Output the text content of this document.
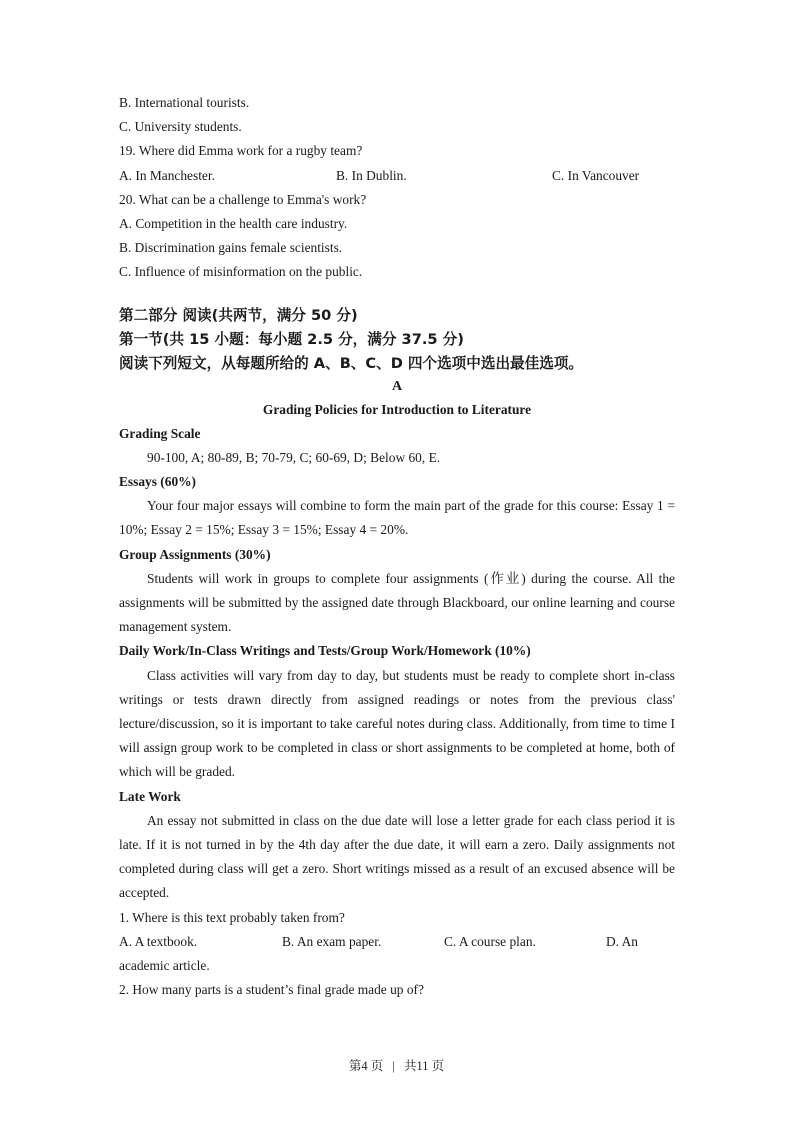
B. International tourists.
C. University students.
19. Where did Emma work for a rugby team?
A. In Manchester.	B. In Dublin.	C. In Vancouver
20. What can be a challenge to Emma's work?
A. Competition in the health care industry.
B. Discrimination gains female scientists.
C. Influence of misinformation on the public.
第二部分 阅读(共两节，满分 50 分)
第一节(共 15 小题：每小题 2.5 分，满分 37.5 分)
阅读下列短文，从每题所给的 A、B、C、D 四个选项中选出最佳选项。
A
Grading Policies for Introduction to Literature
Grading Scale
90-100, A; 80-89, B; 70-79, C; 60-69, D; Below 60, E.
Essays (60%)
Your four major essays will combine to form the main part of the grade for this course: Essay 1 = 10%; Essay 2 = 15%; Essay 3 = 15%; Essay 4 = 20%.
Group Assignments (30%)
Students will work in groups to complete four assignments (作业) during the course. All the assignments will be submitted by the assigned date through Blackboard, our online learning and course management system.
Daily Work/In-Class Writings and Tests/Group Work/Homework (10%)
Class activities will vary from day to day, but students must be ready to complete short in-class writings or tests drawn directly from assigned readings or notes from the previous class' lecture/discussion, so it is important to take careful notes during class. Additionally, from time to time I will assign group work to be completed in class or short assignments to be completed at home, both of which will be graded.
Late Work
An essay not submitted in class on the due date will lose a letter grade for each class period it is late. If it is not turned in by the 4th day after the due date, it will earn a zero. Daily assignments not completed during class will get a zero. Short writings missed as a result of an excused absence will be accepted.
1. Where is this text probably taken from?
A. A textbook.	B. An exam paper.	C. A course plan.	D. An
academic article.
2. How many parts is a student’s final grade made up of?
第4 页 | 共11 页
